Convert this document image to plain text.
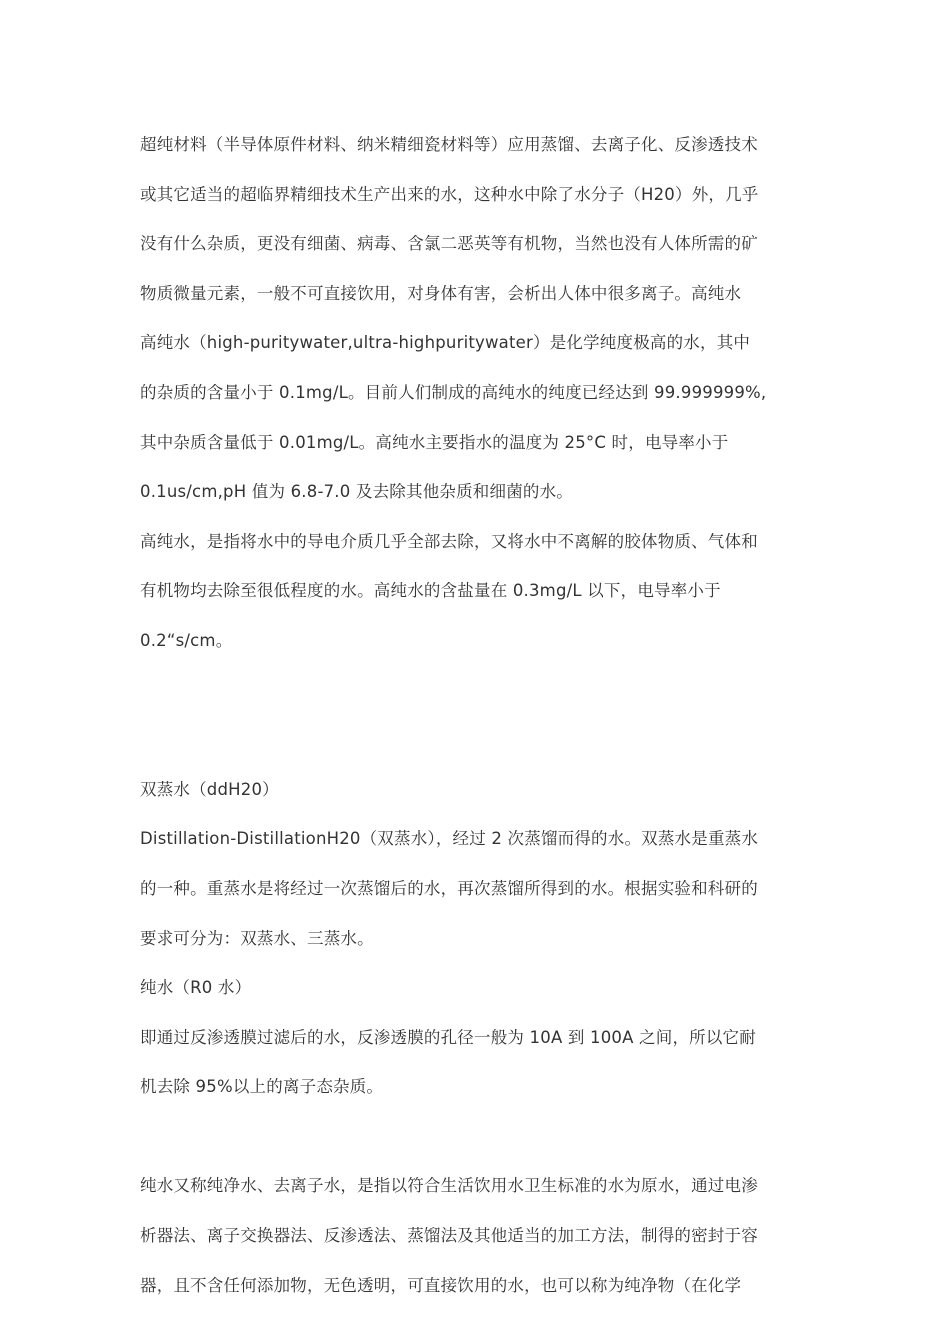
超纯材料（半导体原件材料、纳米精细瓷材料等）应用蒸馏、去离子化、反渗透技术
或其它适当的超临界精细技术生产出来的水，这种水中除了水分子（H20）外，几乎
没有什么杂质，更没有细菌、病毒、含氯二恶英等有机物，当然也没有人体所需的矿
物质微量元素，一般不可直接饮用，对身体有害，会析出人体中很多离子。高纯水
高纯水（high-puritywater,ultra-highpuritywater）是化学纯度极高的水，其中
的杂质的含量小于 0.1mg/L。目前人们制成的高纯水的纯度已经达到 99.999999%,
其中杂质含量低于 0.01mg/L。高纯水主要指水的温度为 25°C 时，电导率小于
0.1us/cm,pH 值为 6.8-7.0 及去除其他杂质和细菌的水。
高纯水，是指将水中的导电介质几乎全部去除，又将水中不离解的胶体物质、气体和
有机物均去除至很低程度的水。高纯水的含盐量在 0.3mg/L 以下，电导率小于
0.2“s/cm。
双蒸水（ddH20）
Distillation-DistillationH20（双蒸水），经过 2 次蒸馏而得的水。双蒸水是重蒸水
的一种。重蒸水是将经过一次蒸馏后的水，再次蒸馏所得到的水。根据实验和科研的
要求可分为：双蒸水、三蒸水。
纯水（R0 水）
即通过反渗透膜过滤后的水，反渗透膜的孔径一般为 10A 到 100A 之间，所以它耐
机去除 95%以上的离子态杂质。
纯水又称纯净水、去离子水，是指以符合生活饮用水卫生标准的水为原水，通过电渗
析器法、离子交换器法、反渗透法、蒸馏法及其他适当的加工方法，制得的密封于容
器，且不含任何添加物，无色透明，可直接饮用的水，也可以称为纯净物（在化学
